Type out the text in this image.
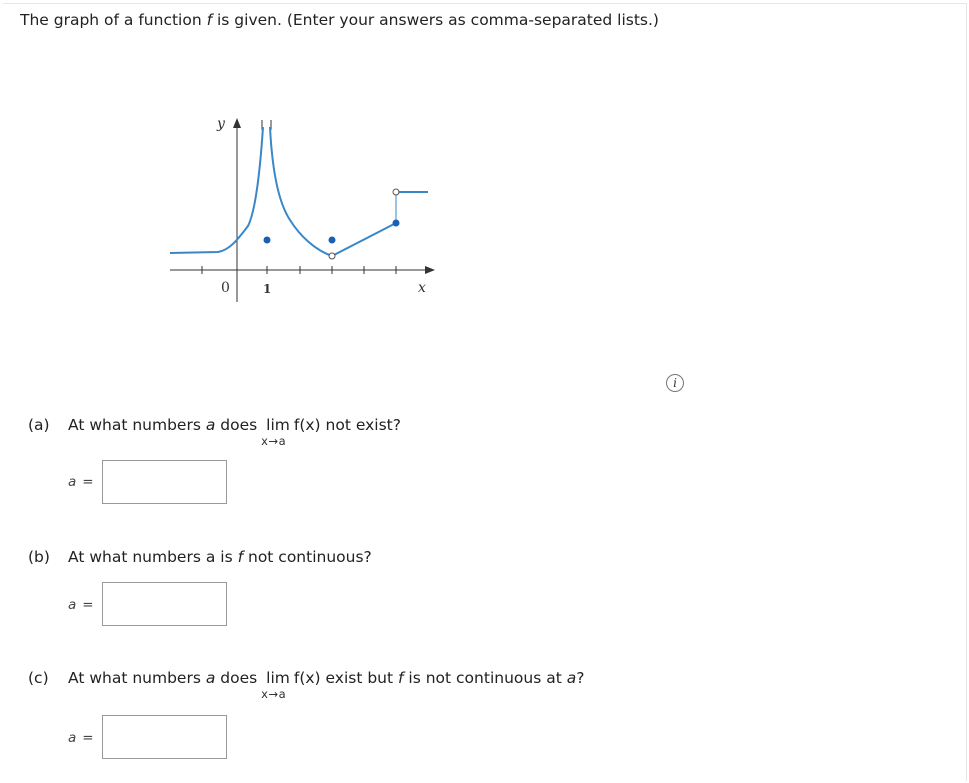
The graph of a function f is given. (Enter your answers as comma-separated lists.)
y
x
0	1
i
(a) At what numbers a does lim
x→a
f(x) not exist?
a =
(b) At what numbers a is f not continuous?
a =
(c) At what numbers a does lim
x→a
f(x) exist but f is not continuous at a?
a =
